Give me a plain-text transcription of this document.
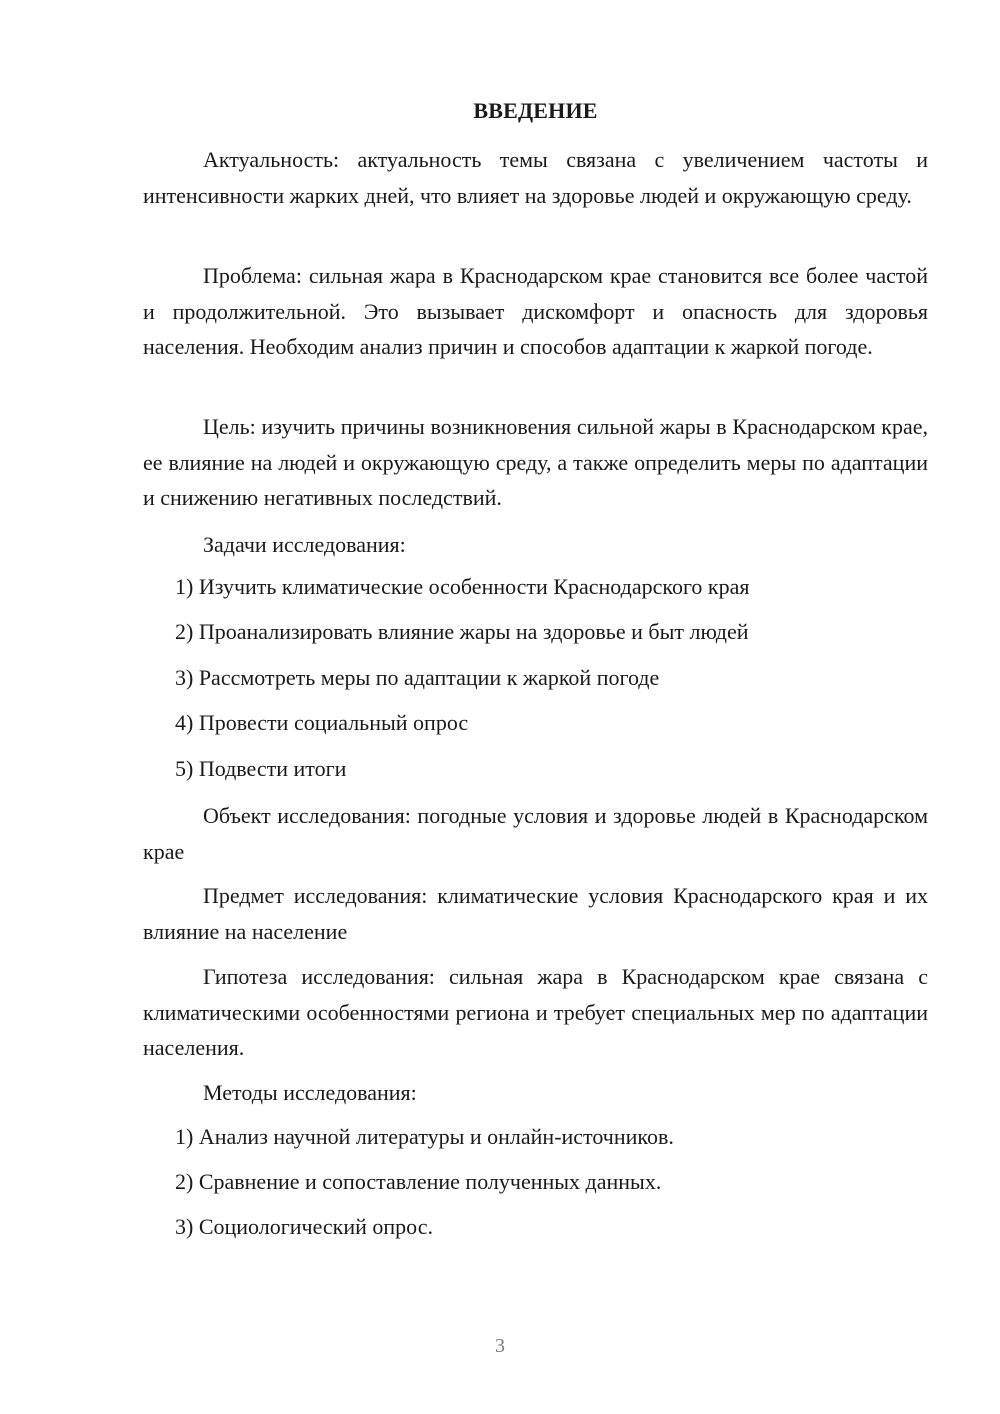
ВВЕДЕНИЕ

Актуальность: актуальность темы связана с увеличением частоты и интенсивности жарких дней, что влияет на здоровье людей и окружающую среду.

Проблема: сильная жара в Краснодарском крае становится все более частой и продолжительной. Это вызывает дискомфорт и опасность для здоровья населения. Необходим анализ причин и способов адаптации к жаркой погоде.

Цель: изучить причины возникновения сильной жары в Краснодарском крае, ее влияние на людей и окружающую среду, а также определить меры по адаптации и снижению негативных последствий.

Задачи исследования:

1) Изучить климатические особенности Краснодарского края

2) Проанализировать влияние жары на здоровье и быт людей

3) Рассмотреть меры по адаптации к жаркой погоде

4) Провести социальный опрос

5) Подвести итоги

Объект исследования: погодные условия и здоровье людей в Краснодарском крае

Предмет исследования: климатические условия Краснодарского края и их влияние на население

Гипотеза исследования: сильная жара в Краснодарском крае связана с климатическими особенностями региона и требует специальных мер по адаптации населения.

Методы исследования:

1) Анализ научной литературы и онлайн-источников.

2) Сравнение и сопоставление полученных данных.

3) Социологический опрос.

3
